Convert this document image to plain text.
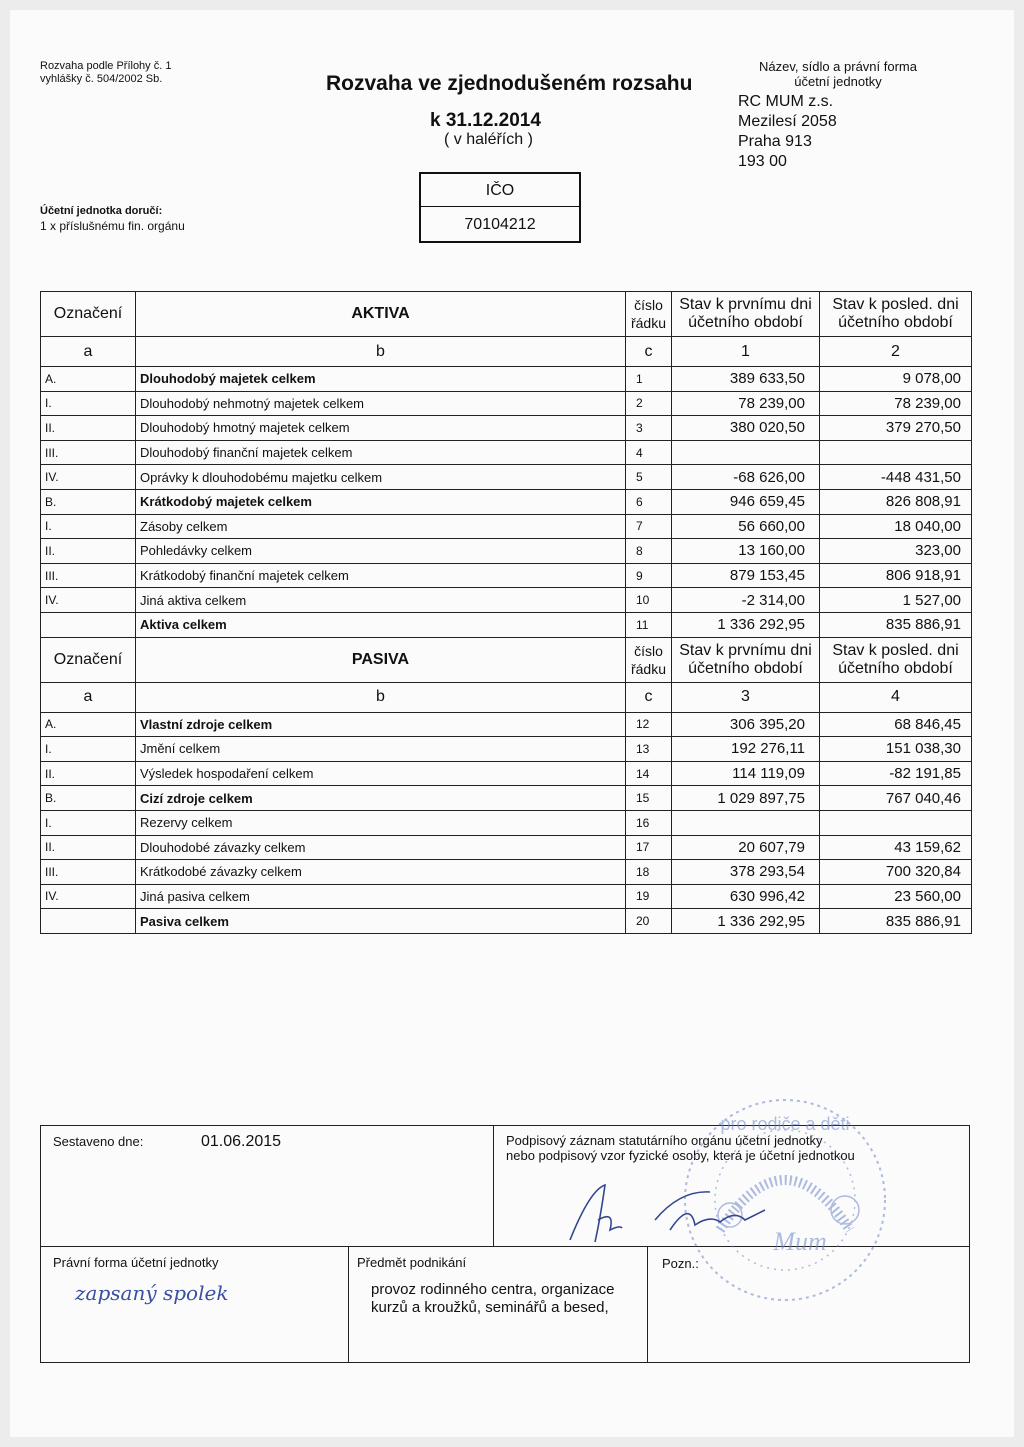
Rozvaha podle Přílohy č. 1
vyhlášky č. 504/2002 Sb.	Rozvaha ve zjednodušeném rozsahu
k 31.12.2014
( v haléřích )
IČO
70104212
Účetní jednotka doručí:
1 x příslušnému fin. orgánu
Název, sídlo a právní forma
účetní jednotky
RC MUM z.s.
Mezilesí 2058
Praha 913
193 00
Označení	AKTIVA	číslo řádku	Stav k prvnímu dni účetního období	Stav k posled. dni účetního období
a	b	c	1	2
A.	Dlouhodobý majetek celkem	1	389 633,50	9 078,00
I.	Dlouhodobý nehmotný majetek celkem	2	78 239,00	78 239,00
II.	Dlouhodobý hmotný majetek celkem	3	380 020,50	379 270,50
III.	Dlouhodobý finanční majetek celkem	4		
IV.	Oprávky k dlouhodobému majetku celkem	5	-68 626,00	-448 431,50
B.	Krátkodobý majetek celkem	6	946 659,45	826 808,91
I.	Zásoby celkem	7	56 660,00	18 040,00
II.	Pohledávky celkem	8	13 160,00	323,00
III.	Krátkodobý finanční majetek celkem	9	879 153,45	806 918,91
IV.	Jiná aktiva celkem	10	-2 314,00	1 527,00
	Aktiva celkem	11	1 336 292,95	835 886,91
Označení	PASIVA	číslo řádku	Stav k prvnímu dni účetního období	Stav k posled. dni účetního období
a	b	c	3	4
A.	Vlastní zdroje celkem	12	306 395,20	68 846,45
I.	Jmění celkem	13	192 276,11	151 038,30
II.	Výsledek hospodaření celkem	14	114 119,09	-82 191,85
B.	Cizí zdroje celkem	15	1 029 897,75	767 040,46
I.	Rezervy celkem	16		
II.	Dlouhodobé závazky celkem	17	20 607,79	43 159,62
III.	Krátkodobé závazky celkem	18	378 293,54	700 320,84
IV.	Jiná pasiva celkem	19	630 996,42	23 560,00
	Pasiva celkem	20	1 336 292,95	835 886,91
Sestaveno dne:	01.06.2015	Podpisový záznam statutárního orgánu účetní jednotky
nebo podpisový vzor fyzické osoby, která je účetní jednotkou
Právní forma účetní jednotky
zapsaný spolek
Předmět podnikání
provoz rodinného centra, organizace
kurzů a kroužků, seminářů a besed,
Pozn.:
pro rodiče a děti
Mum
